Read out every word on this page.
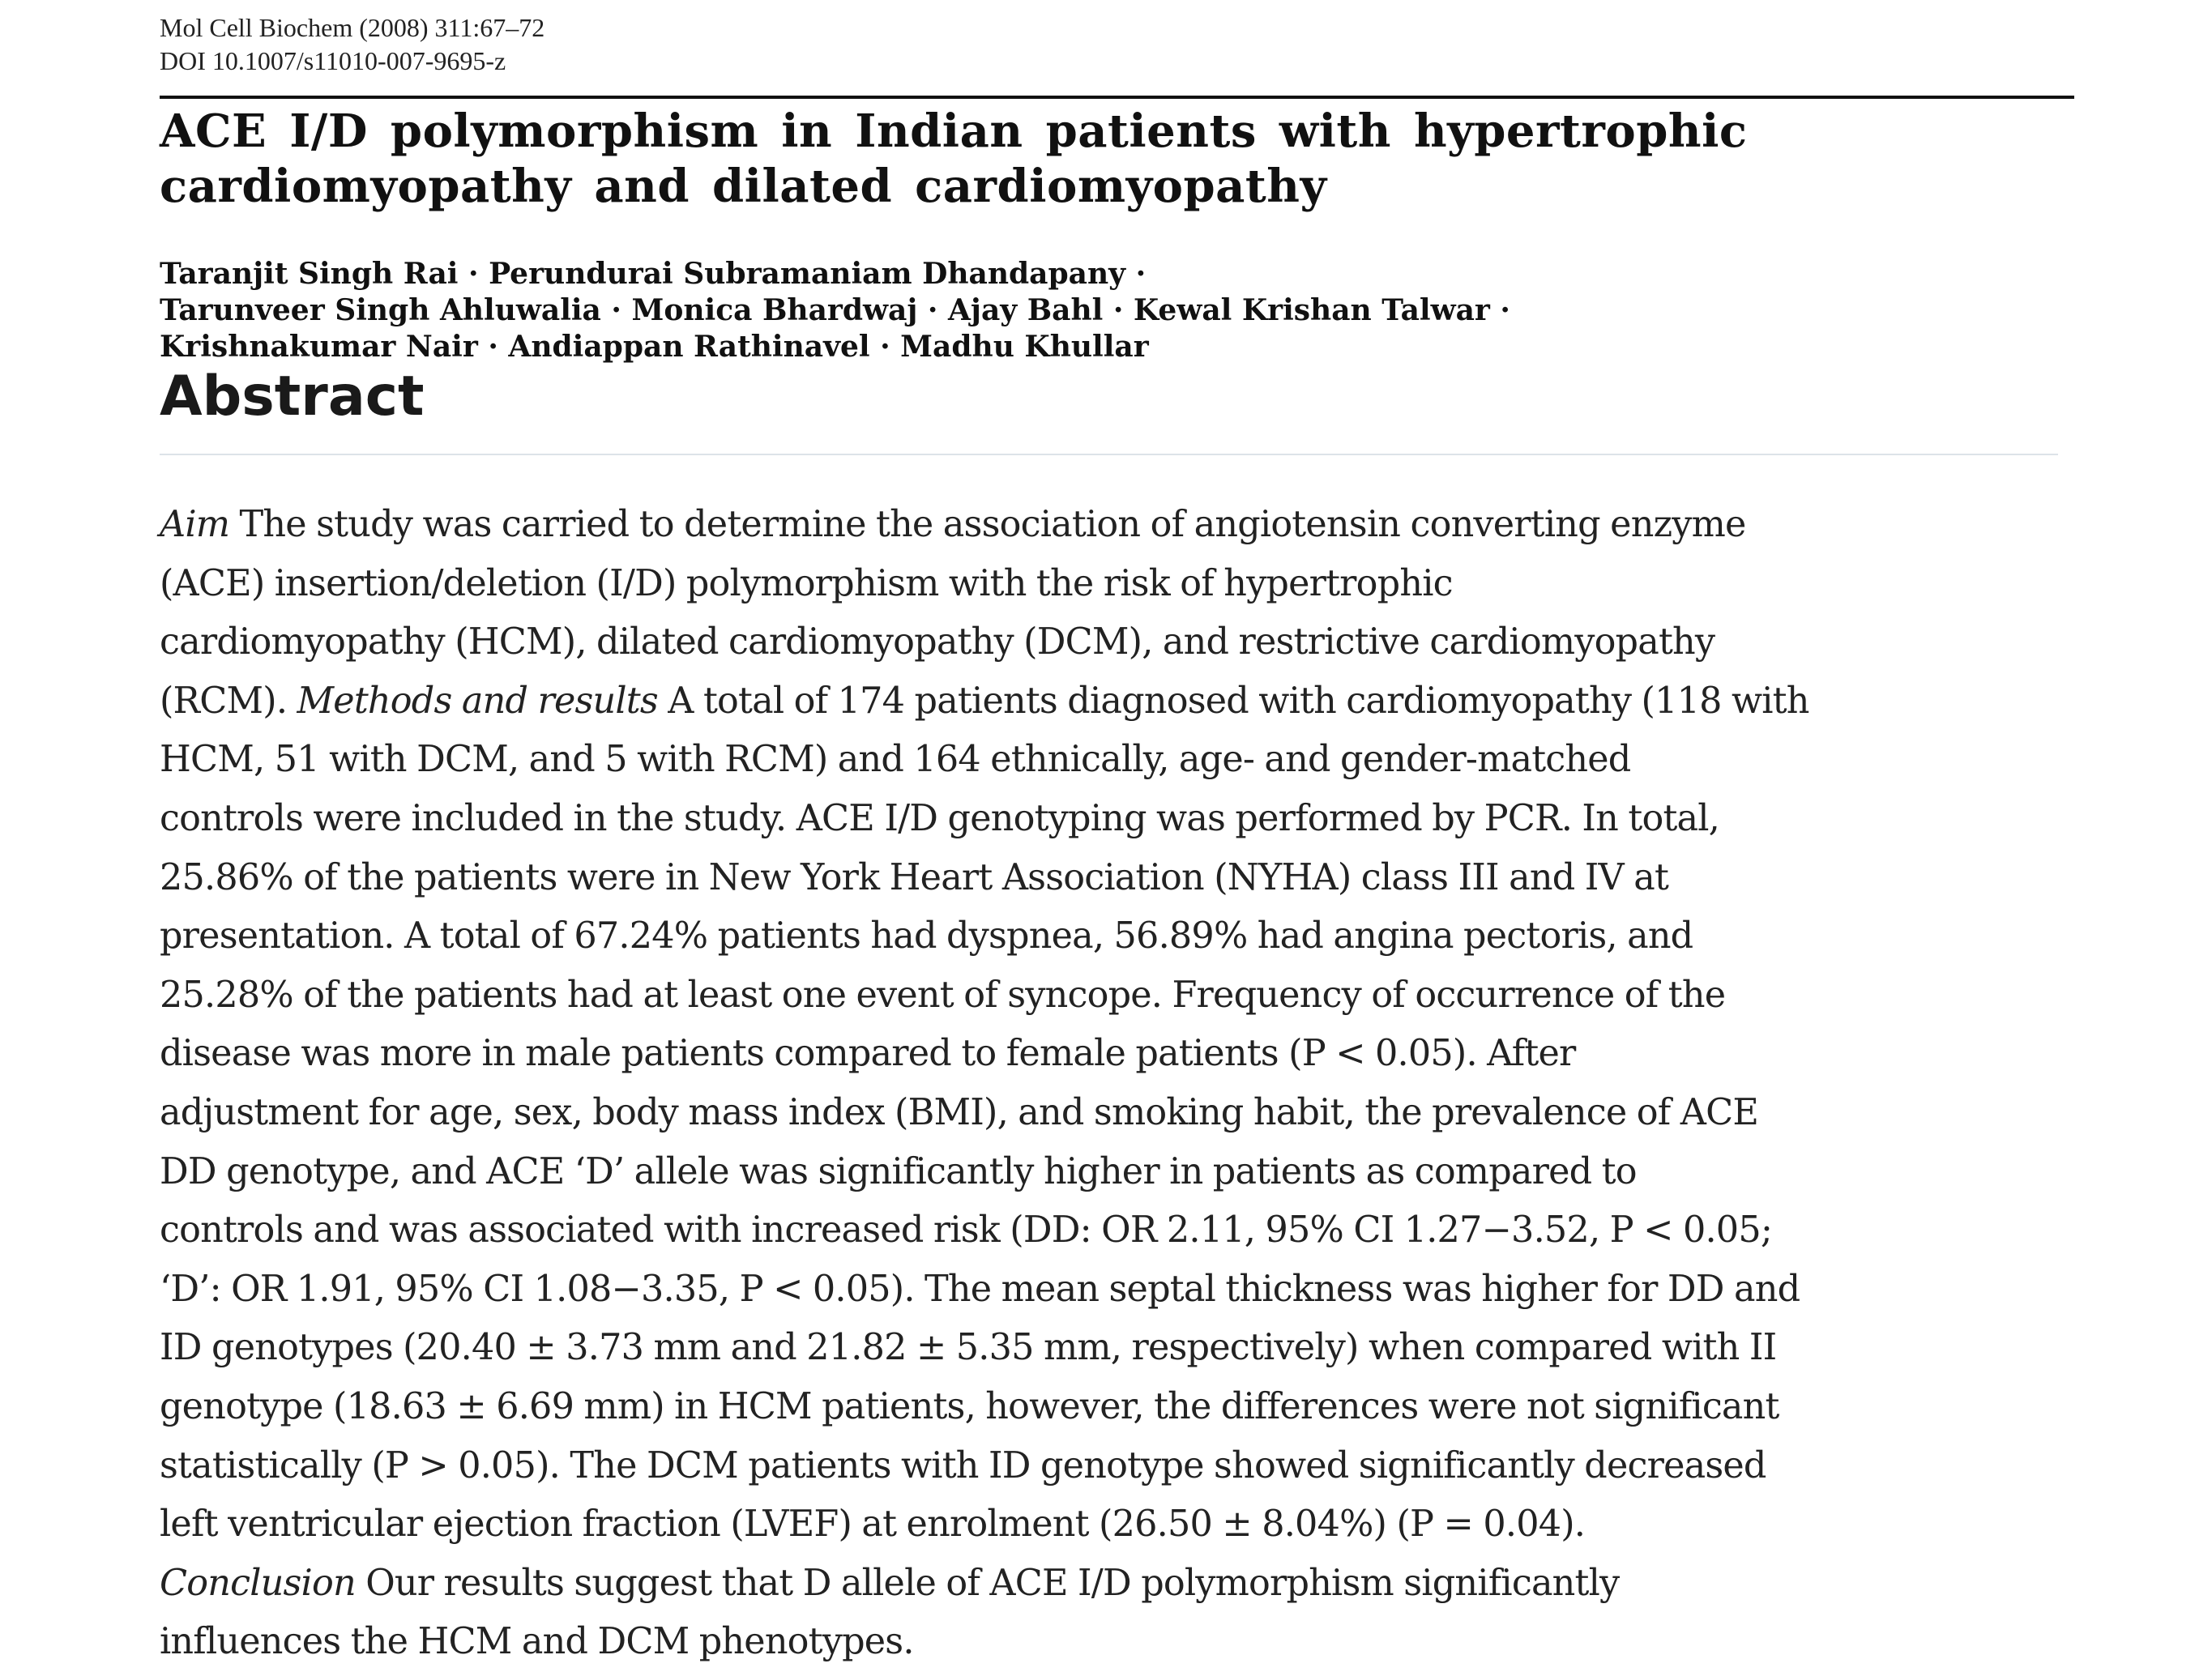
Mol Cell Biochem (2008) 311:67–72
DOI 10.1007/s11010-007-9695-z
ACE I/D polymorphism in Indian patients with hypertrophic
cardiomyopathy and dilated cardiomyopathy
Taranjit Singh Rai · Perundurai Subramaniam Dhandapany ·
Tarunveer Singh Ahluwalia · Monica Bhardwaj · Ajay Bahl · Kewal Krishan Talwar ·
Krishnakumar Nair · Andiappan Rathinavel · Madhu Khullar
Abstract
Aim The study was carried to determine the association of angiotensin converting enzyme
(ACE) insertion/deletion (I/D) polymorphism with the risk of hypertrophic
cardiomyopathy (HCM), dilated cardiomyopathy (DCM), and restrictive cardiomyopathy
(RCM). Methods and results A total of 174 patients diagnosed with cardiomyopathy (118 with
HCM, 51 with DCM, and 5 with RCM) and 164 ethnically, age- and gender-matched
controls were included in the study. ACE I/D genotyping was performed by PCR. In total,
25.86% of the patients were in New York Heart Association (NYHA) class III and IV at
presentation. A total of 67.24% patients had dyspnea, 56.89% had angina pectoris, and
25.28% of the patients had at least one event of syncope. Frequency of occurrence of the
disease was more in male patients compared to female patients (P < 0.05). After
adjustment for age, sex, body mass index (BMI), and smoking habit, the prevalence of ACE
DD genotype, and ACE ‘D’ allele was significantly higher in patients as compared to
controls and was associated with increased risk (DD: OR 2.11, 95% CI 1.27−3.52, P < 0.05;
‘D’: OR 1.91, 95% CI 1.08−3.35, P < 0.05). The mean septal thickness was higher for DD and
ID genotypes (20.40 ± 3.73 mm and 21.82 ± 5.35 mm, respectively) when compared with II
genotype (18.63 ± 6.69 mm) in HCM patients, however, the differences were not significant
statistically (P > 0.05). The DCM patients with ID genotype showed significantly decreased
left ventricular ejection fraction (LVEF) at enrolment (26.50 ± 8.04%) (P = 0.04).
Conclusion Our results suggest that D allele of ACE I/D polymorphism significantly
influences the HCM and DCM phenotypes.
